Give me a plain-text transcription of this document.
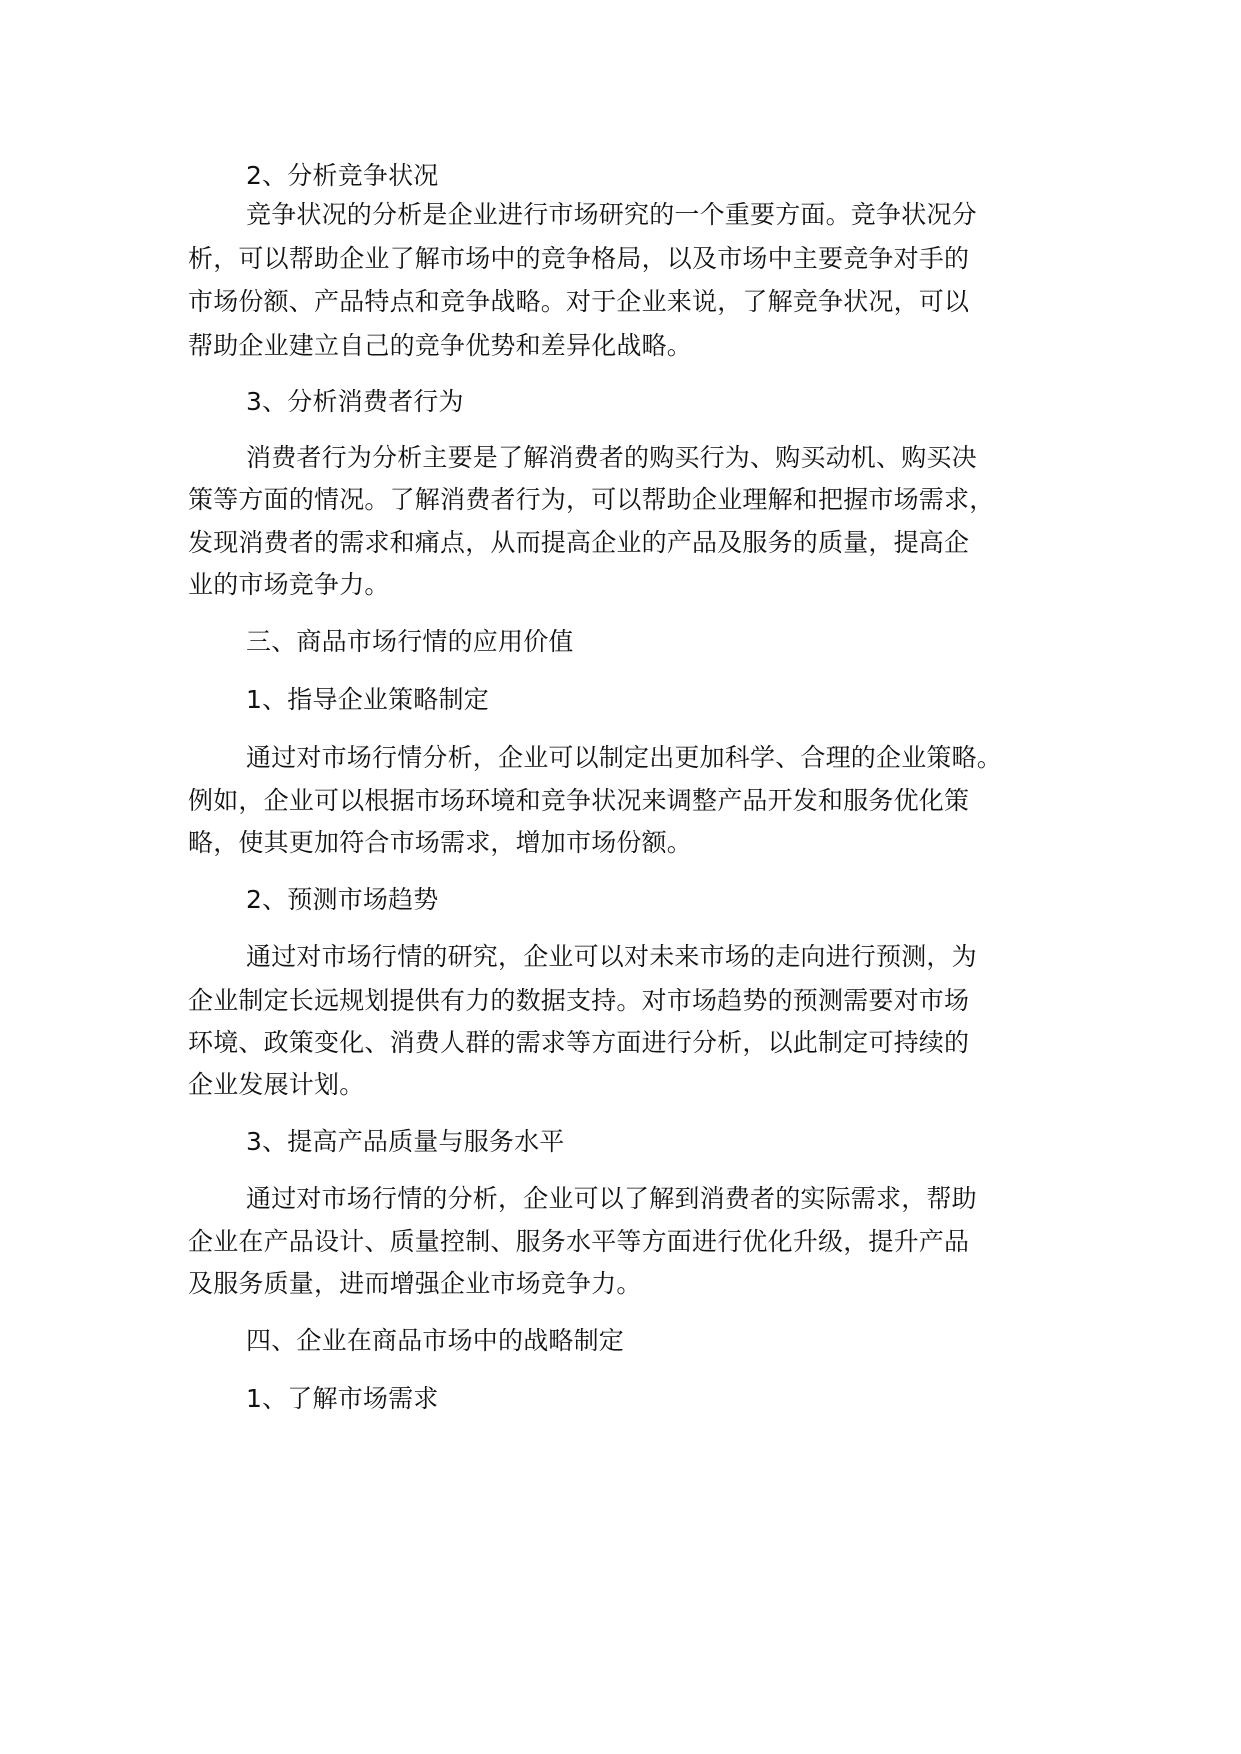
2、分析竞争状况
竞争状况的分析是企业进行市场研究的一个重要方面。竞争状况分
析，可以帮助企业了解市场中的竞争格局，以及市场中主要竞争对手的
市场份额、产品特点和竞争战略。对于企业来说，了解竞争状况，可以
帮助企业建立自己的竞争优势和差异化战略。
3、分析消费者行为
消费者行为分析主要是了解消费者的购买行为、购买动机、购买决
策等方面的情况。了解消费者行为，可以帮助企业理解和把握市场需求，
发现消费者的需求和痛点，从而提高企业的产品及服务的质量，提高企
业的市场竞争力。
三、商品市场行情的应用价值
1、指导企业策略制定
通过对市场行情分析，企业可以制定出更加科学、合理的企业策略。
例如，企业可以根据市场环境和竞争状况来调整产品开发和服务优化策
略，使其更加符合市场需求，增加市场份额。
2、预测市场趋势
通过对市场行情的研究，企业可以对未来市场的走向进行预测，为
企业制定长远规划提供有力的数据支持。对市场趋势的预测需要对市场
环境、政策变化、消费人群的需求等方面进行分析，以此制定可持续的
企业发展计划。
3、提高产品质量与服务水平
通过对市场行情的分析，企业可以了解到消费者的实际需求，帮助
企业在产品设计、质量控制、服务水平等方面进行优化升级，提升产品
及服务质量，进而增强企业市场竞争力。
四、企业在商品市场中的战略制定
1、了解市场需求
